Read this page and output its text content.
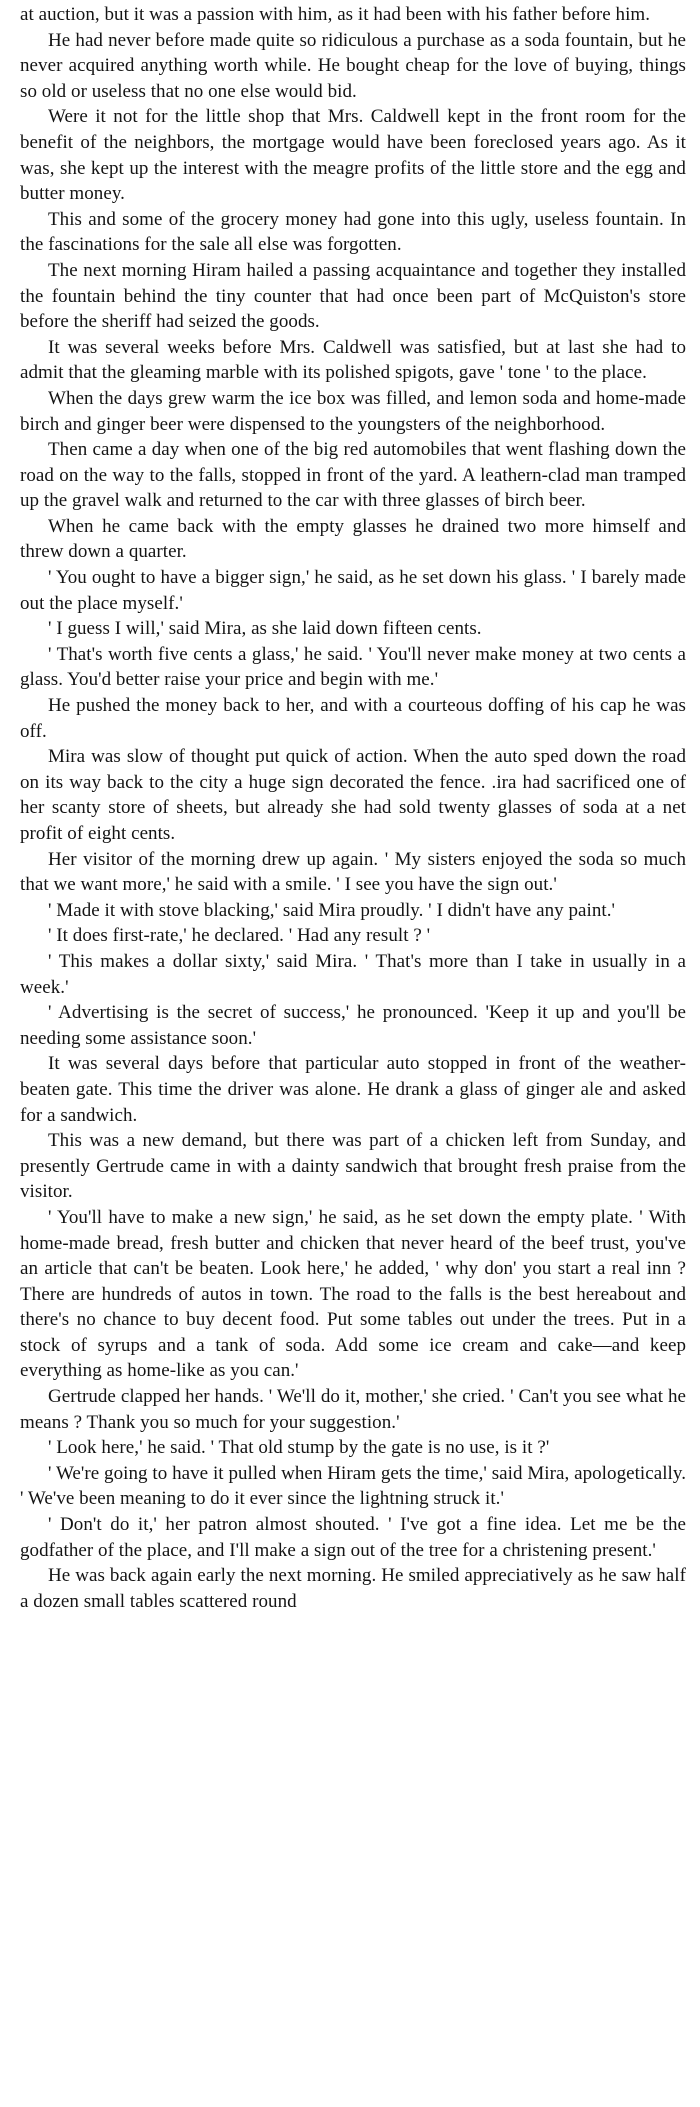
at auction, but it was a passion with him, as it had been with his father before him.

He had never before made quite so ridiculous a purchase as a soda fountain, but he never acquired anything worth while. He bought cheap for the love of buying, things so old or useless that no one else would bid.

Were it not for the little shop that Mrs. Caldwell kept in the front room for the benefit of the neighbors, the mortgage would have been foreclosed years ago. As it was, she kept up the interest with the meagre profits of the little store and the egg and butter money.

This and some of the grocery money had gone into this ugly, useless fountain. In the fascinations for the sale all else was forgotten.

The next morning Hiram hailed a passing acquaintance and together they installed the fountain behind the tiny counter that had once been part of McQuiston's store before the sheriff had seized the goods.

It was several weeks before Mrs. Caldwell was satisfied, but at last she had to admit that the gleaming marble with its polished spigots, gave ' tone ' to the place.

When the days grew warm the ice box was filled, and lemon soda and home-made birch and ginger beer were dispensed to the youngsters of the neighborhood.

Then came a day when one of the big red automobiles that went flashing down the road on the way to the falls, stopped in front of the yard. A leathern-clad man tramped up the gravel walk and returned to the car with three glasses of birch beer.

When he came back with the empty glasses he drained two more himself and threw down a quarter.

' You ought to have a bigger sign,' he said, as he set down his glass. ' I barely made out the place myself.'

' I guess I will,' said Mira, as she laid down fifteen cents.

' That's worth five cents a glass,' he said. ' You'll never make money at two cents a glass. You'd better raise your price and begin with me.'

He pushed the money back to her, and with a courteous doffing of his cap he was off.

Mira was slow of thought put quick of action. When the auto sped down the road on its way back to the city a huge sign decorated the fence. .ira had sacrificed one of her scanty store of sheets, but already she had sold twenty glasses of soda at a net profit of eight cents.

Her visitor of the morning drew up again. ' My sisters enjoyed the soda so much that we want more,' he said with a smile. ' I see you have the sign out.'

' Made it with stove blacking,' said Mira proudly. ' I didn't have any paint.'

' It does first-rate,' he declared. ' Had any result ? '

' This makes a dollar sixty,' said Mira. ' That's more than I take in usually in a week.'

' Advertising is the secret of success,' he pronounced. 'Keep it up and you'll be needing some assistance soon.'

It was several days before that particular auto stopped in front of the weather-beaten gate. This time the driver was alone. He drank a glass of ginger ale and asked for a sandwich.

This was a new demand, but there was part of a chicken left from Sunday, and presently Gertrude came in with a dainty sandwich that brought fresh praise from the visitor.

' You'll have to make a new sign,' he said, as he set down the empty plate. ' With home-made bread, fresh butter and chicken that never heard of the beef trust, you've an article that can't be beaten. Look here,' he added, ' why don' you start a real inn ? There are hundreds of autos in town. The road to the falls is the best hereabout and there's no chance to buy decent food. Put some tables out under the trees. Put in a stock of syrups and a tank of soda. Add some ice cream and cake—and keep everything as home-like as you can.'

Gertrude clapped her hands. ' We'll do it, mother,' she cried. ' Can't you see what he means ? Thank you so much for your suggestion.'

' Look here,' he said. ' That old stump by the gate is no use, is it ?'

' We're going to have it pulled when Hiram gets the time,' said Mira, apologetically. ' We've been meaning to do it ever since the lightning struck it.'

' Don't do it,' her patron almost shouted. ' I've got a fine idea. Let me be the godfather of the place, and I'll make a sign out of the tree for a christening present.'

He was back again early the next morning. He smiled appreciatively as he saw half a dozen small tables scattered round
